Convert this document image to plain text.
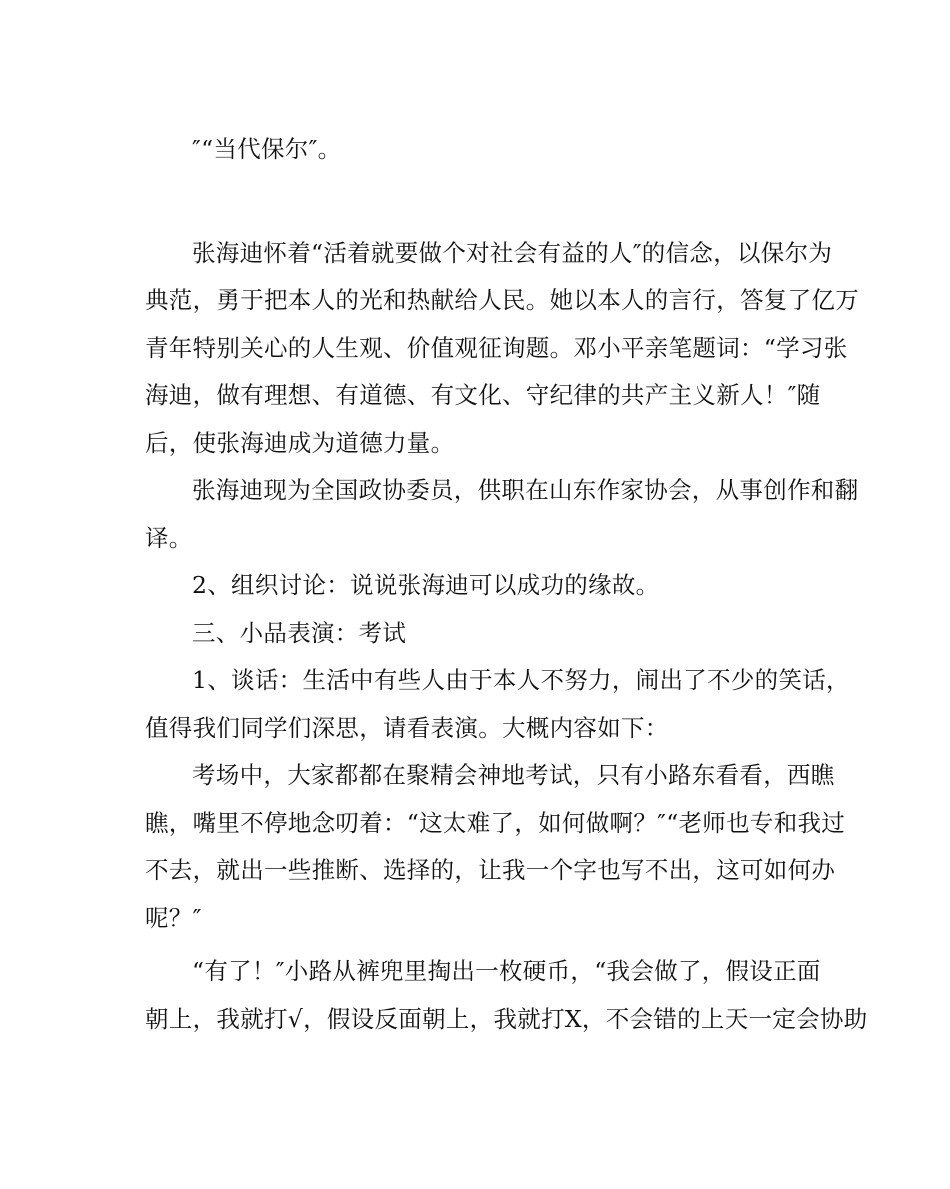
″“当代保尔″。
张海迪怀着“活着就要做个对社会有益的人″的信念，以保尔为
典范，勇于把本人的光和热献给人民。她以本人的言行，答复了亿万
青年特别关心的人生观、价值观征询题。邓小平亲笔题词：“学习张
海迪，做有理想、有道德、有文化、守纪律的共产主义新人！″随
后，使张海迪成为道德力量。
张海迪现为全国政协委员，供职在山东作家协会，从事创作和翻
译。
2、组织讨论：说说张海迪可以成功的缘故。
三、小品表演：考试
1、谈话：生活中有些人由于本人不努力，闹出了不少的笑话，
值得我们同学们深思，请看表演。大概内容如下：
考场中，大家都都在聚精会神地考试，只有小路东看看，西瞧
瞧，嘴里不停地念叨着：“这太难了，如何做啊？″“老师也专和我过
不去，就出一些推断、选择的，让我一个字也写不出，这可如何办
呢？″
“有了！″小路从裤兜里掏出一枚硬币，“我会做了，假设正面
朝上，我就打√，假设反面朝上，我就打X，不会错的上天一定会协助
